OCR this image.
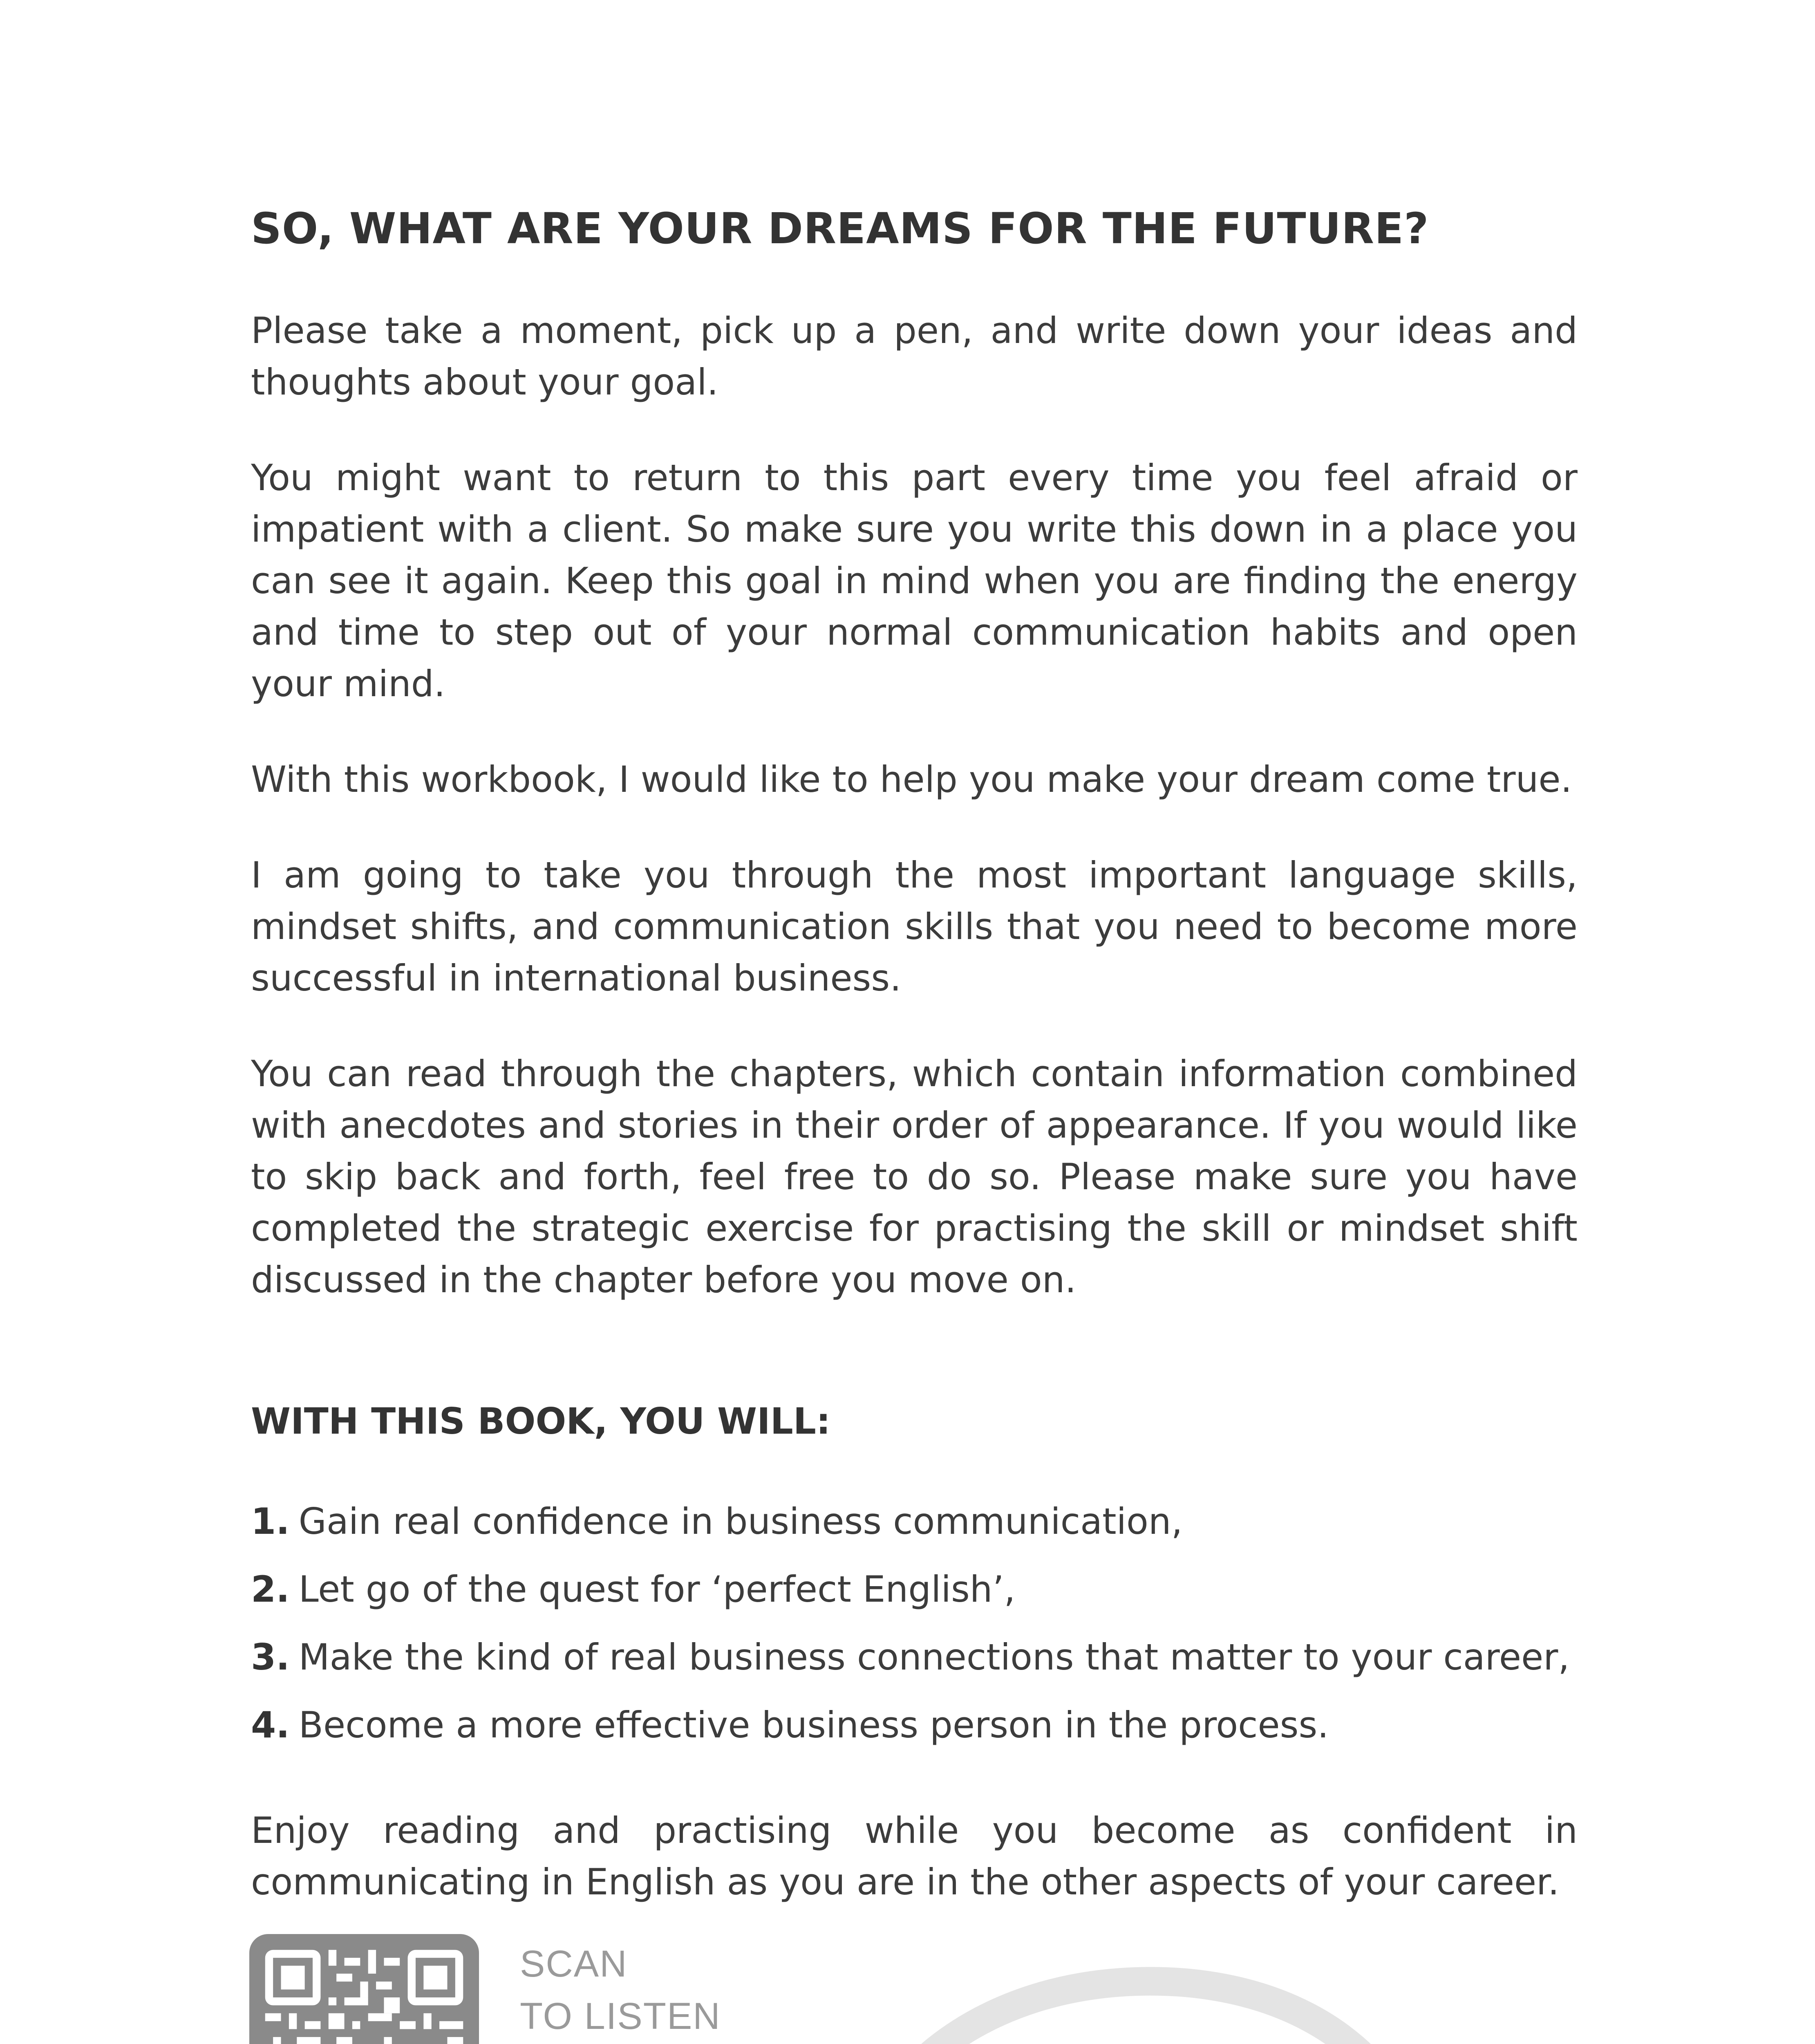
SO, WHAT ARE YOUR DREAMS FOR THE FUTURE?

Please take a moment, pick up a pen, and write down your ideas and thoughts about your goal.

You might want to return to this part every time you feel afraid or impatient with a client. So make sure you write this down in a place you can see it again. Keep this goal in mind when you are finding the energy and time to step out of your normal communication habits and open your mind.

With this workbook, I would like to help you make your dream come true.

I am going to take you through the most important language skills, mindset shifts, and communication skills that you need to become more successful in international business.

You can read through the chapters, which contain information combined with anecdotes and stories in their order of appearance. If you would like to skip back and forth, feel free to do so. Please make sure you have completed the strategic exercise for practising the skill or mindset shift discussed in the chapter before you move on.

WITH THIS BOOK, YOU WILL:
1. Gain real confidence in business communication,
2. Let go of the quest for ‘perfect English’,
3. Make the kind of real business connections that matter to your career,
4. Become a more effective business person in the process.

Enjoy reading and practising while you become as confident in communicating in English as you are in the other aspects of your career.

SCAN
TO LISTEN
